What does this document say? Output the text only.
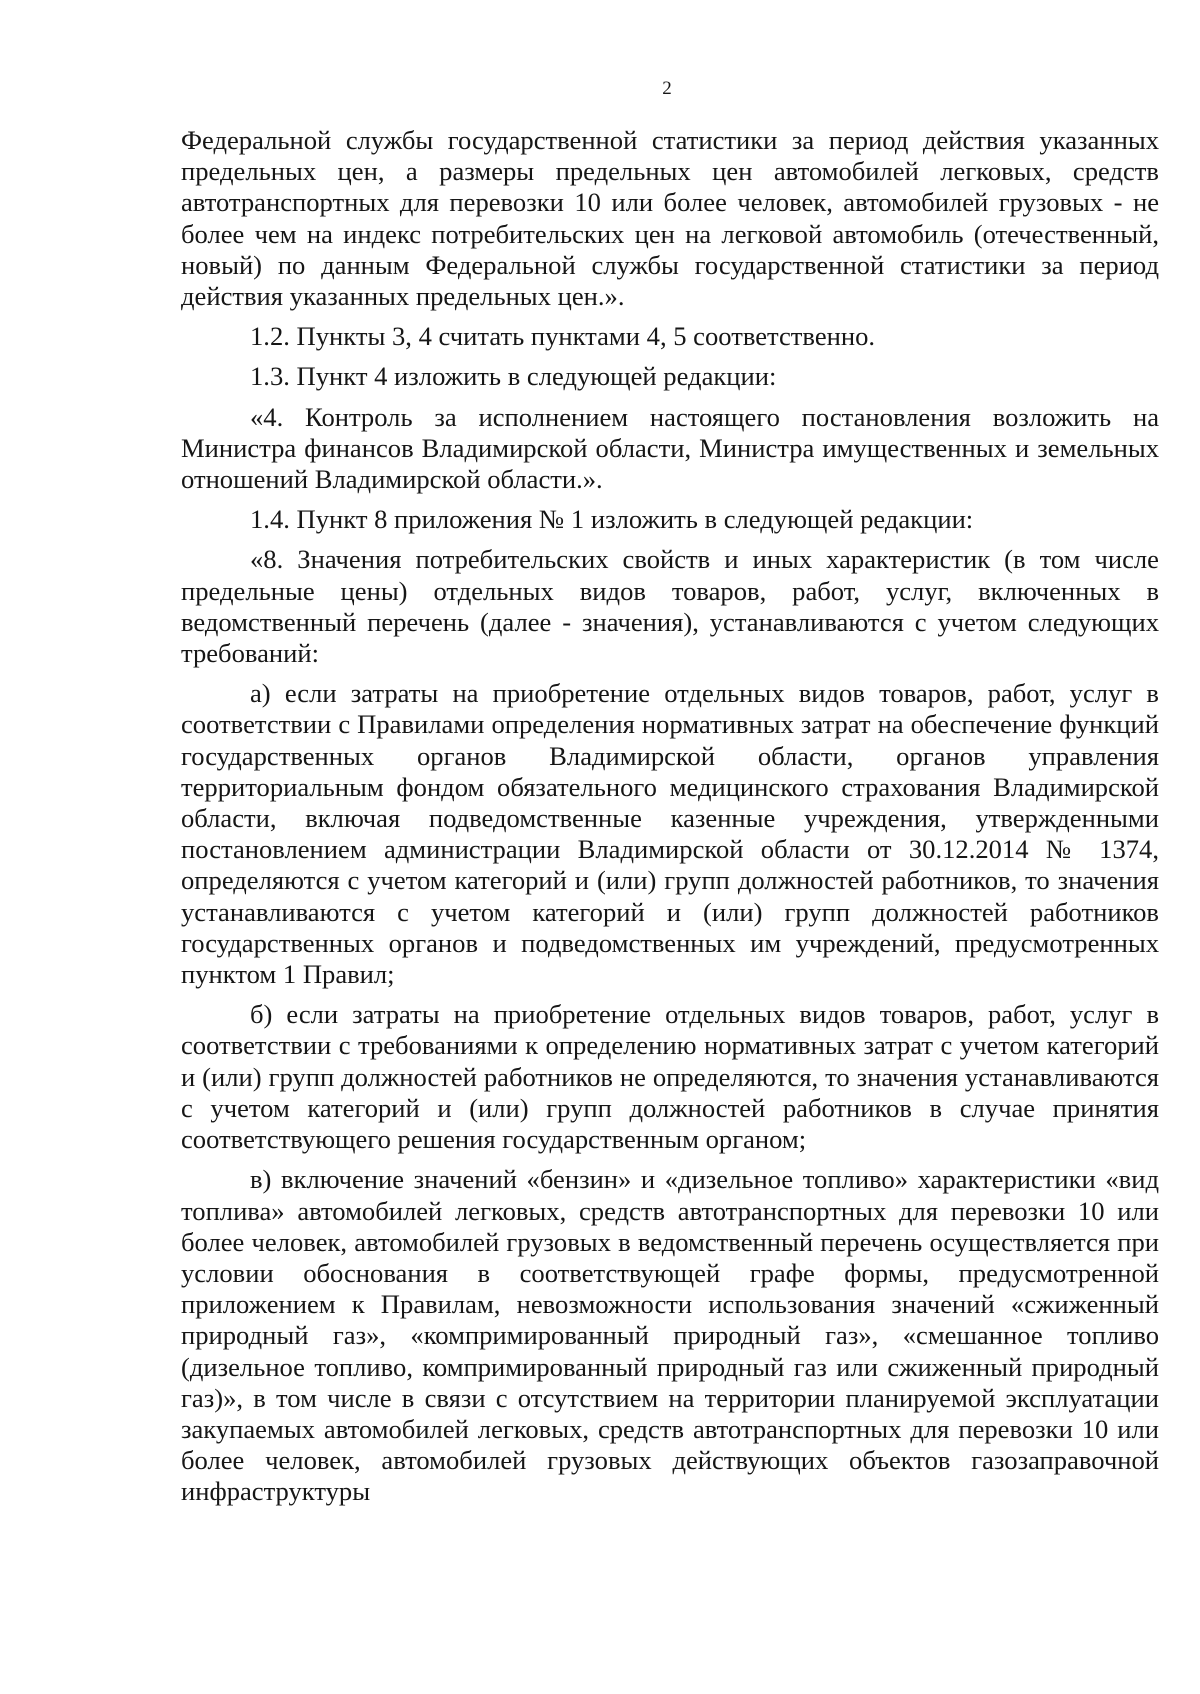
2

Федеральной службы государственной статистики за период действия указанных предельных цен, а размеры предельных цен автомобилей легковых, средств автотранспортных для перевозки 10 или более человек, автомобилей грузовых - не более чем на индекс потребительских цен на легковой автомобиль (отечественный, новый) по данным Федеральной службы государственной статистики за период действия указанных предельных цен.».

1.2. Пункты 3, 4 считать пунктами 4, 5 соответственно.

1.3. Пункт 4 изложить в следующей редакции:

«4. Контроль за исполнением настоящего постановления возложить на Министра финансов Владимирской области, Министра имущественных и земельных отношений Владимирской области.».

1.4. Пункт 8 приложения № 1 изложить в следующей редакции:

«8. Значения потребительских свойств и иных характеристик (в том числе предельные цены) отдельных видов товаров, работ, услуг, включенных в ведомственный перечень (далее - значения), устанавливаются с учетом следующих требований:

а) если затраты на приобретение отдельных видов товаров, работ, услуг в соответствии с Правилами определения нормативных затрат на обеспечение функций государственных органов Владимирской области, органов управления территориальным фондом обязательного медицинского страхования Владимирской области, включая подведомственные казенные учреждения, утвержденными постановлением администрации Владимирской области от 30.12.2014 № 1374, определяются с учетом категорий и (или) групп должностей работников, то значения устанавливаются с учетом категорий и (или) групп должностей работников государственных органов и подведомственных им учреждений, предусмотренных пунктом 1 Правил;

б) если затраты на приобретение отдельных видов товаров, работ, услуг в соответствии с требованиями к определению нормативных затрат с учетом категорий и (или) групп должностей работников не определяются, то значения устанавливаются с учетом категорий и (или) групп должностей работников в случае принятия соответствующего решения государственным органом;

в) включение значений «бензин» и «дизельное топливо» характеристики «вид топлива» автомобилей легковых, средств автотранспортных для перевозки 10 или более человек, автомобилей грузовых в ведомственный перечень осуществляется при условии обоснования в соответствующей графе формы, предусмотренной приложением к Правилам, невозможности использования значений «сжиженный природный газ», «компримированный природный газ», «смешанное топливо (дизельное топливо, компримированный природный газ или сжиженный природный газ)», в том числе в связи с отсутствием на территории планируемой эксплуатации закупаемых автомобилей легковых, средств автотранспортных для перевозки 10 или более человек, автомобилей грузовых действующих объектов газозаправочной инфраструктуры
